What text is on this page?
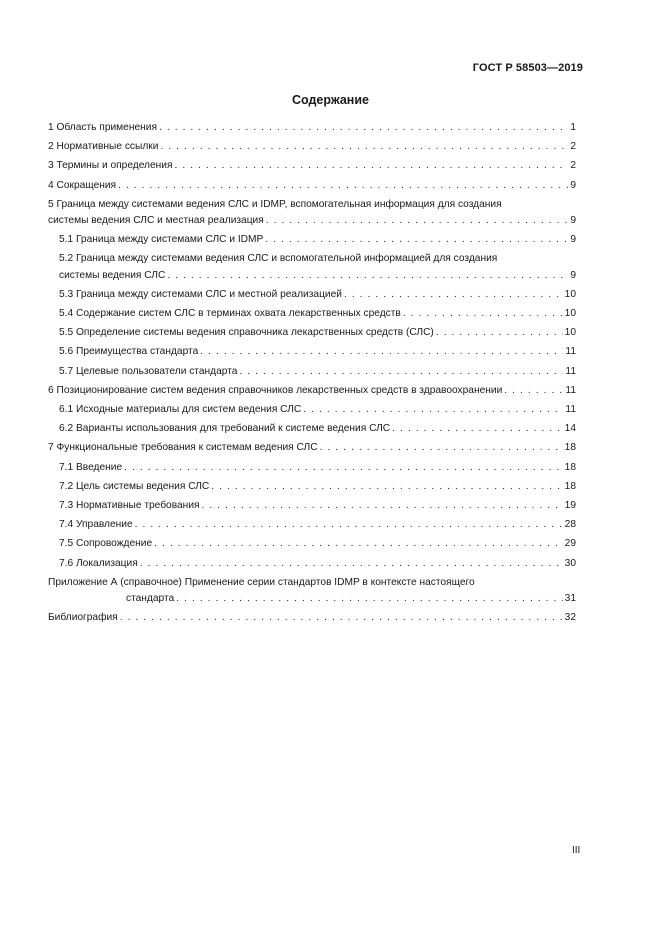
ГОСТ Р 58503—2019
Содержание
1 Область применения . . .	1
2 Нормативные ссылки . . .	2
3 Термины и определения . . .	2
4 Сокращения . . .	9
5 Граница между системами ведения СЛС и IDMP, вспомогательная информация для создания
системы ведения СЛС и местная реализация . . .	9
5.1 Граница между системами СЛС и IDMP . . .	9
5.2 Граница между системами ведения СЛС и вспомогательной информацией для создания
системы ведения СЛС . . .	9
5.3 Граница между системами СЛС и местной реализацией . . .	10
5.4 Содержание систем СЛС в терминах охвата лекарственных средств . . .	10
5.5 Определение системы ведения справочника лекарственных средств (СЛС) . . .	10
5.6 Преимущества стандарта . . .	11
5.7 Целевые пользователи стандарта . . .	11
6 Позиционирование систем ведения справочников лекарственных средств в здравоохранении . . .	11
6.1 Исходные материалы для систем ведения СЛС . . .	11
6.2 Варианты использования для требований к системе ведения СЛС . . .	14
7 Функциональные требования к системам ведения СЛС . . .	18
7.1 Введение . . .	18
7.2 Цель системы ведения СЛС . . .	18
7.3 Нормативные требования . . .	19
7.4 Управление . . .	28
7.5 Сопровождение . . .	29
7.6 Локализация . . .	30
Приложение А (справочное) Применение серии стандартов IDMP в контексте настоящего
стандарта . . .	31
Библиография . . .	32
III
